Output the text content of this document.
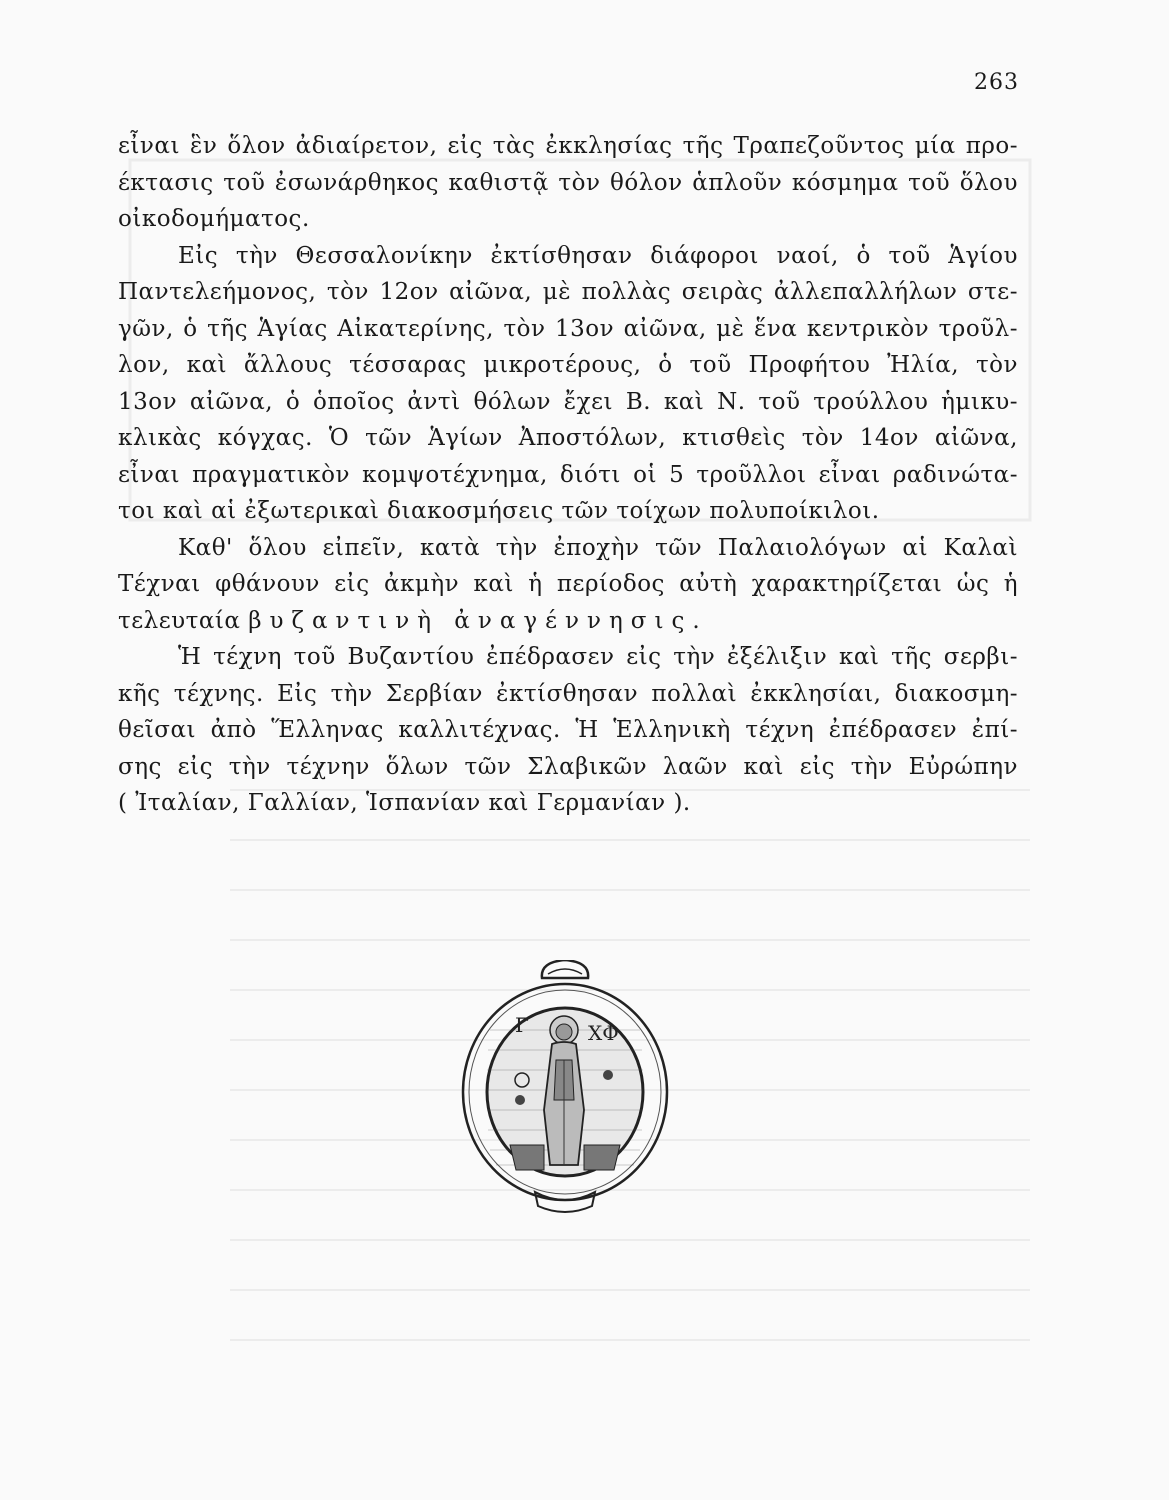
263
εἶναι ἓν ὅλον ἀδιαίρετον, εἰς τὰς ἐκκλησίας τῆς Τραπεζοῦντος μία προ-
έκτασις τοῦ ἐσωνάρθηκος καθιστᾷ τὸν θόλον ἁπλοῦν κόσμημα τοῦ ὅλου
οἰκοδομήματος.
Εἰς τὴν Θεσσαλονίκην ἐκτίσθησαν διάφοροι ναοί, ὁ τοῦ Ἁγίου
Παντελεήμονος, τὸν 12ον αἰῶνα, μὲ πολλὰς σειρὰς ἀλλεπαλλήλων στε-
γῶν, ὁ τῆς Ἁγίας Αἰκατερίνης, τὸν 13ον αἰῶνα, μὲ ἕνα κεντρικὸν τροῦλ-
λον, καὶ ἄλλους τέσσαρας μικροτέρους, ὁ τοῦ Προφήτου Ἠλία, τὸν
13ον αἰῶνα, ὁ ὁποῖος ἀντὶ θόλων ἔχει Β. καὶ Ν. τοῦ τρούλλου ἡμικυ-
κλικὰς κόγχας. Ὁ τῶν Ἁγίων Ἀποστόλων, κτισθεὶς τὸν 14ον αἰῶνα,
εἶναι πραγματικὸν κομψοτέχνημα, διότι οἱ 5 τροῦλλοι εἶναι ραδινώτα-
τοι καὶ αἱ ἐξωτερικαὶ διακοσμήσεις τῶν τοίχων πολυποίκιλοι.
Καθ' ὅλου εἰπεῖν, κατὰ τὴν ἐποχὴν τῶν Παλαιολόγων αἱ Καλαὶ
Τέχναι φθάνουν εἰς ἀκμὴν καὶ ἡ περίοδος αὐτὴ χαρακτηρίζεται ὡς ἡ
τελευταία βυζαντινὴ ἀναγέννησις.
Ἡ τέχνη τοῦ Βυζαντίου ἐπέδρασεν εἰς τὴν ἐξέλιξιν καὶ τῆς σερβι-
κῆς τέχνης. Εἰς τὴν Σερβίαν ἐκτίσθησαν πολλαὶ ἐκκλησίαι, διακοσμη-
θεῖσαι ἀπὸ Ἕλληνας καλλιτέχνας. Ἡ Ἑλληνικὴ τέχνη ἐπέδρασεν ἐπί-
σης εἰς τὴν τέχνην ὅλων τῶν Σλαβικῶν λαῶν καὶ εἰς τὴν Εὐρώπην
( Ἰταλίαν, Γαλλίαν, Ἱσπανίαν καὶ Γερμανίαν ).
Γ	ΧΦ
